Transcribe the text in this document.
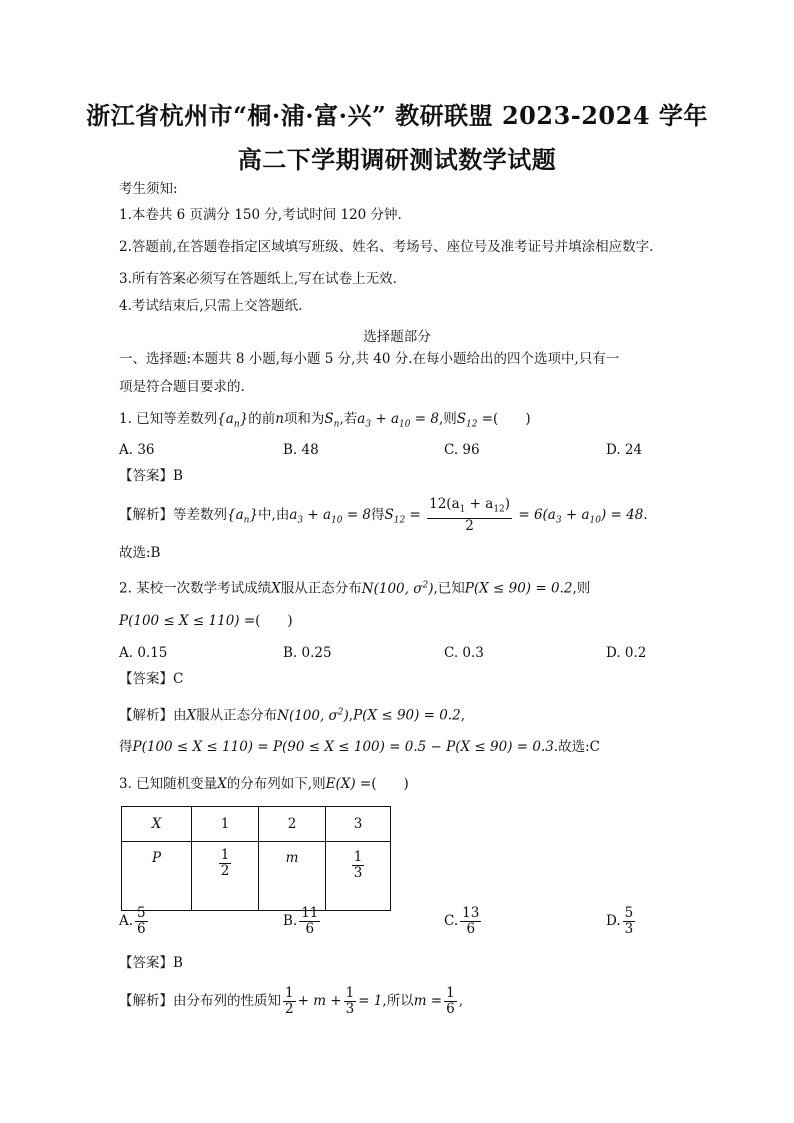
浙江省杭州市“桐·浦·富·兴” 教研联盟 2023-2024 学年
高二下学期调研测试数学试题
考生须知:
1.本卷共 6 页满分 150 分,考试时间 120 分钟.
2.答题前,在答题卷指定区域填写班级、姓名、考场号、座位号及准考证号并填涂相应数字.
3.所有答案必须写在答题纸上,写在试卷上无效.
4.考试结束后,只需上交答题纸.
选择题部分
一、选择题:本题共 8 小题,每小题 5 分,共 40 分.在每小题给出的四个选项中,只有一
项是符合题目要求的.
1. 已知等差数列$\{a_n\}$的前n项和为$S_n$,若$a_3 + a_{10} = 8$,则$S_{12}$ =(　　)
A. 36	B. 48	C. 96	D. 24
【答案】B
【解析】等差数列$\{a_n\}$中,由$a_3 + a_{10} = 8$得$S_{12} = \frac{12(a_1 + a_{12})}{2} = 6(a_3 + a_{10}) = 48$.
故选:B
2. 某校一次数学考试成绩X服从正态分布N(100, $\sigma^2$),已知P(X ≤ 90) = 0.2,则
P(100 ≤ X ≤ 110) =(　　)
A. 0.15	B. 0.25	C. 0.3	D. 0.2
【答案】C
【解析】由X服从正态分布N(100, $\sigma^2),P(X \le 90) = 0.2$,
得P(100 ≤ X ≤ 110) = P(90 ≤ X ≤ 100) = 0.5 − P(X ≤ 90) = 0.3.故选:C
3. 已知随机变量X的分布列如下,则E(X) =(　　)
X	1	2	3
P	$\frac{1}{2}$	m	$\frac{1}{3}$
A. $\frac{5}{6}$	B. $\frac{11}{6}$	C. $\frac{13}{6}$	D. $\frac{5}{3}$
【答案】B
【解析】由分布列的性质知 $\frac{1}{2} + m + \frac{1}{3} = 1$,所以$m = \frac{1}{6}$ ,
